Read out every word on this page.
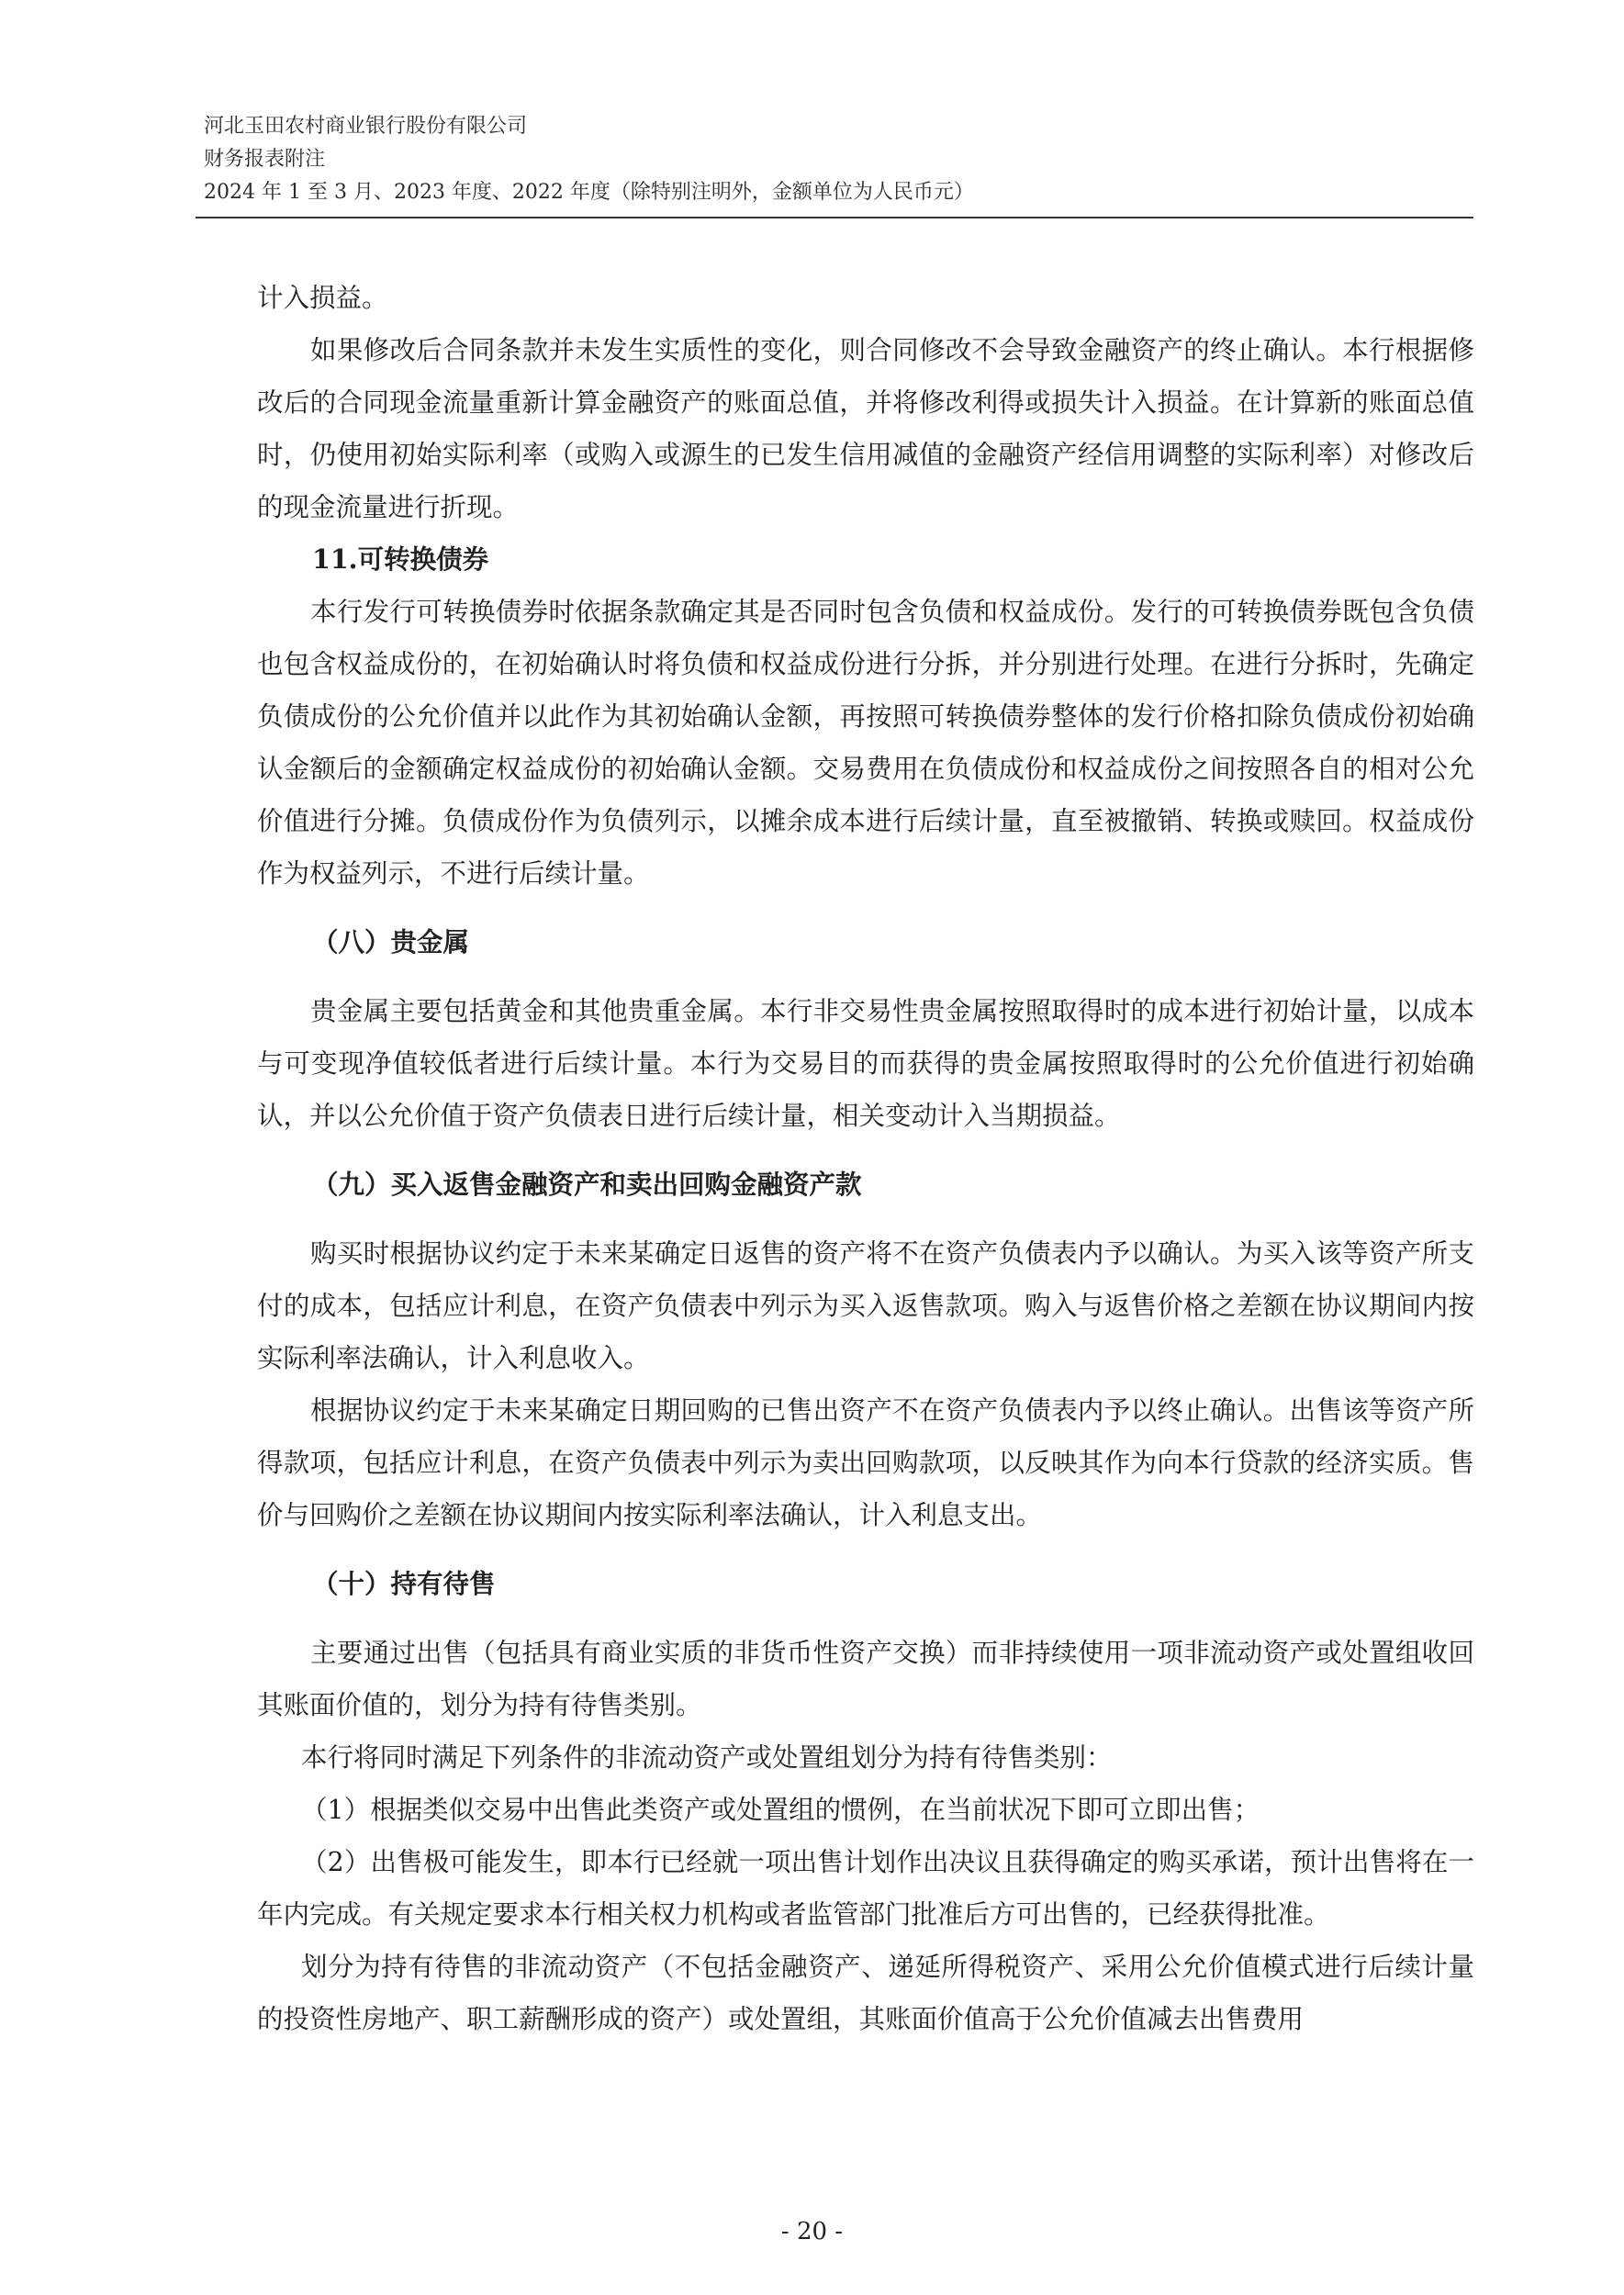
河北玉田农村商业银行股份有限公司
财务报表附注
2024 年 1 至 3 月、2023 年度、2022 年度（除特别注明外，金额单位为人民币元）

计入损益。

如果修改后合同条款并未发生实质性的变化，则合同修改不会导致金融资产的终止确认。本行根据修改后的合同现金流量重新计算金融资产的账面总值，并将修改利得或损失计入损益。在计算新的账面总值时，仍使用初始实际利率（或购入或源生的已发生信用减值的金融资产经信用调整的实际利率）对修改后的现金流量进行折现。

11.可转换债券

本行发行可转换债券时依据条款确定其是否同时包含负债和权益成份。发行的可转换债券既包含负债也包含权益成份的，在初始确认时将负债和权益成份进行分拆，并分别进行处理。在进行分拆时，先确定负债成份的公允价值并以此作为其初始确认金额，再按照可转换债券整体的发行价格扣除负债成份初始确认金额后的金额确定权益成份的初始确认金额。交易费用在负债成份和权益成份之间按照各自的相对公允价值进行分摊。负债成份作为负债列示，以摊余成本进行后续计量，直至被撤销、转换或赎回。权益成份作为权益列示，不进行后续计量。

（八）贵金属

贵金属主要包括黄金和其他贵重金属。本行非交易性贵金属按照取得时的成本进行初始计量，以成本与可变现净值较低者进行后续计量。本行为交易目的而获得的贵金属按照取得时的公允价值进行初始确认，并以公允价值于资产负债表日进行后续计量，相关变动计入当期损益。

（九）买入返售金融资产和卖出回购金融资产款

购买时根据协议约定于未来某确定日返售的资产将不在资产负债表内予以确认。为买入该等资产所支付的成本，包括应计利息，在资产负债表中列示为买入返售款项。购入与返售价格之差额在协议期间内按实际利率法确认，计入利息收入。

根据协议约定于未来某确定日期回购的已售出资产不在资产负债表内予以终止确认。出售该等资产所得款项，包括应计利息，在资产负债表中列示为卖出回购款项，以反映其作为向本行贷款的经济实质。售价与回购价之差额在协议期间内按实际利率法确认，计入利息支出。

（十）持有待售

主要通过出售（包括具有商业实质的非货币性资产交换）而非持续使用一项非流动资产或处置组收回其账面价值的，划分为持有待售类别。

本行将同时满足下列条件的非流动资产或处置组划分为持有待售类别：

（1）根据类似交易中出售此类资产或处置组的惯例，在当前状况下即可立即出售；

（2）出售极可能发生，即本行已经就一项出售计划作出决议且获得确定的购买承诺，预计出售将在一年内完成。有关规定要求本行相关权力机构或者监管部门批准后方可出售的，已经获得批准。

划分为持有待售的非流动资产（不包括金融资产、递延所得税资产、采用公允价值模式进行后续计量的投资性房地产、职工薪酬形成的资产）或处置组，其账面价值高于公允价值减去出售费用

- 20 -
